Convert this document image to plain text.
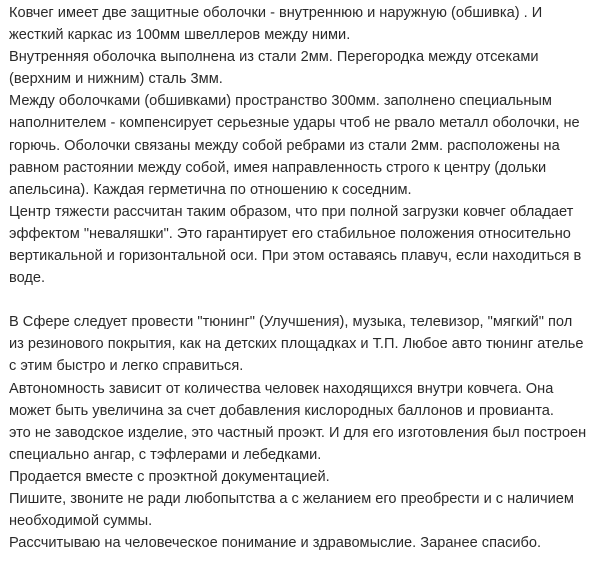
Ковчег имеет две защитные оболочки - внутреннюю и наружную (обшивка) . И
жесткий каркас из 100мм швеллеров между ними.
Внутренняя оболочка выполнена из стали 2мм. Перегородка между отсеками
(верхним и нижним) сталь 3мм.
Между оболочками (обшивками) пространство 300мм. заполнено специальным
наполнителем - компенсирует серьезные удары чтоб не рвало металл оболочки, не
горючь. Оболочки связаны между собой ребрами из стали 2мм. расположены на
равном растоянии между собой, имея направленность строго к центру (дольки
апельсина). Каждая герметична по отношению к соседним.
Центр тяжести рассчитан таким образом, что при полной загрузки ковчег обладает
эффектом "неваляшки". Это гарантирует его стабильное положения относительно
вертикальной и горизонтальной оси. При этом оставаясь плавуч, если находиться в
воде.
В Сфере следует провести "тюнинг" (Улучшения), музыка, телевизор, "мягкий" пол
из резинового покрытия, как на детских площадках и Т.П. Любое авто тюнинг ателье
с этим быстро и легко справиться.
Автономность зависит от количества человек находящихся внутри ковчега. Она
может быть увеличина за счет добавления кислородных баллонов и провианта.
это не заводское изделие, это частный проэкт. И для его изготовления был построен
специально ангар, с тэфлерами и лебедками.
Продается вместе с проэктной документацией.
Пишите, звоните не ради любопытства а с желанием его преобрести и с наличием
необходимой суммы.
Рассчитываю на человеческое понимание и здравомыслие. Заранее спасибо.
